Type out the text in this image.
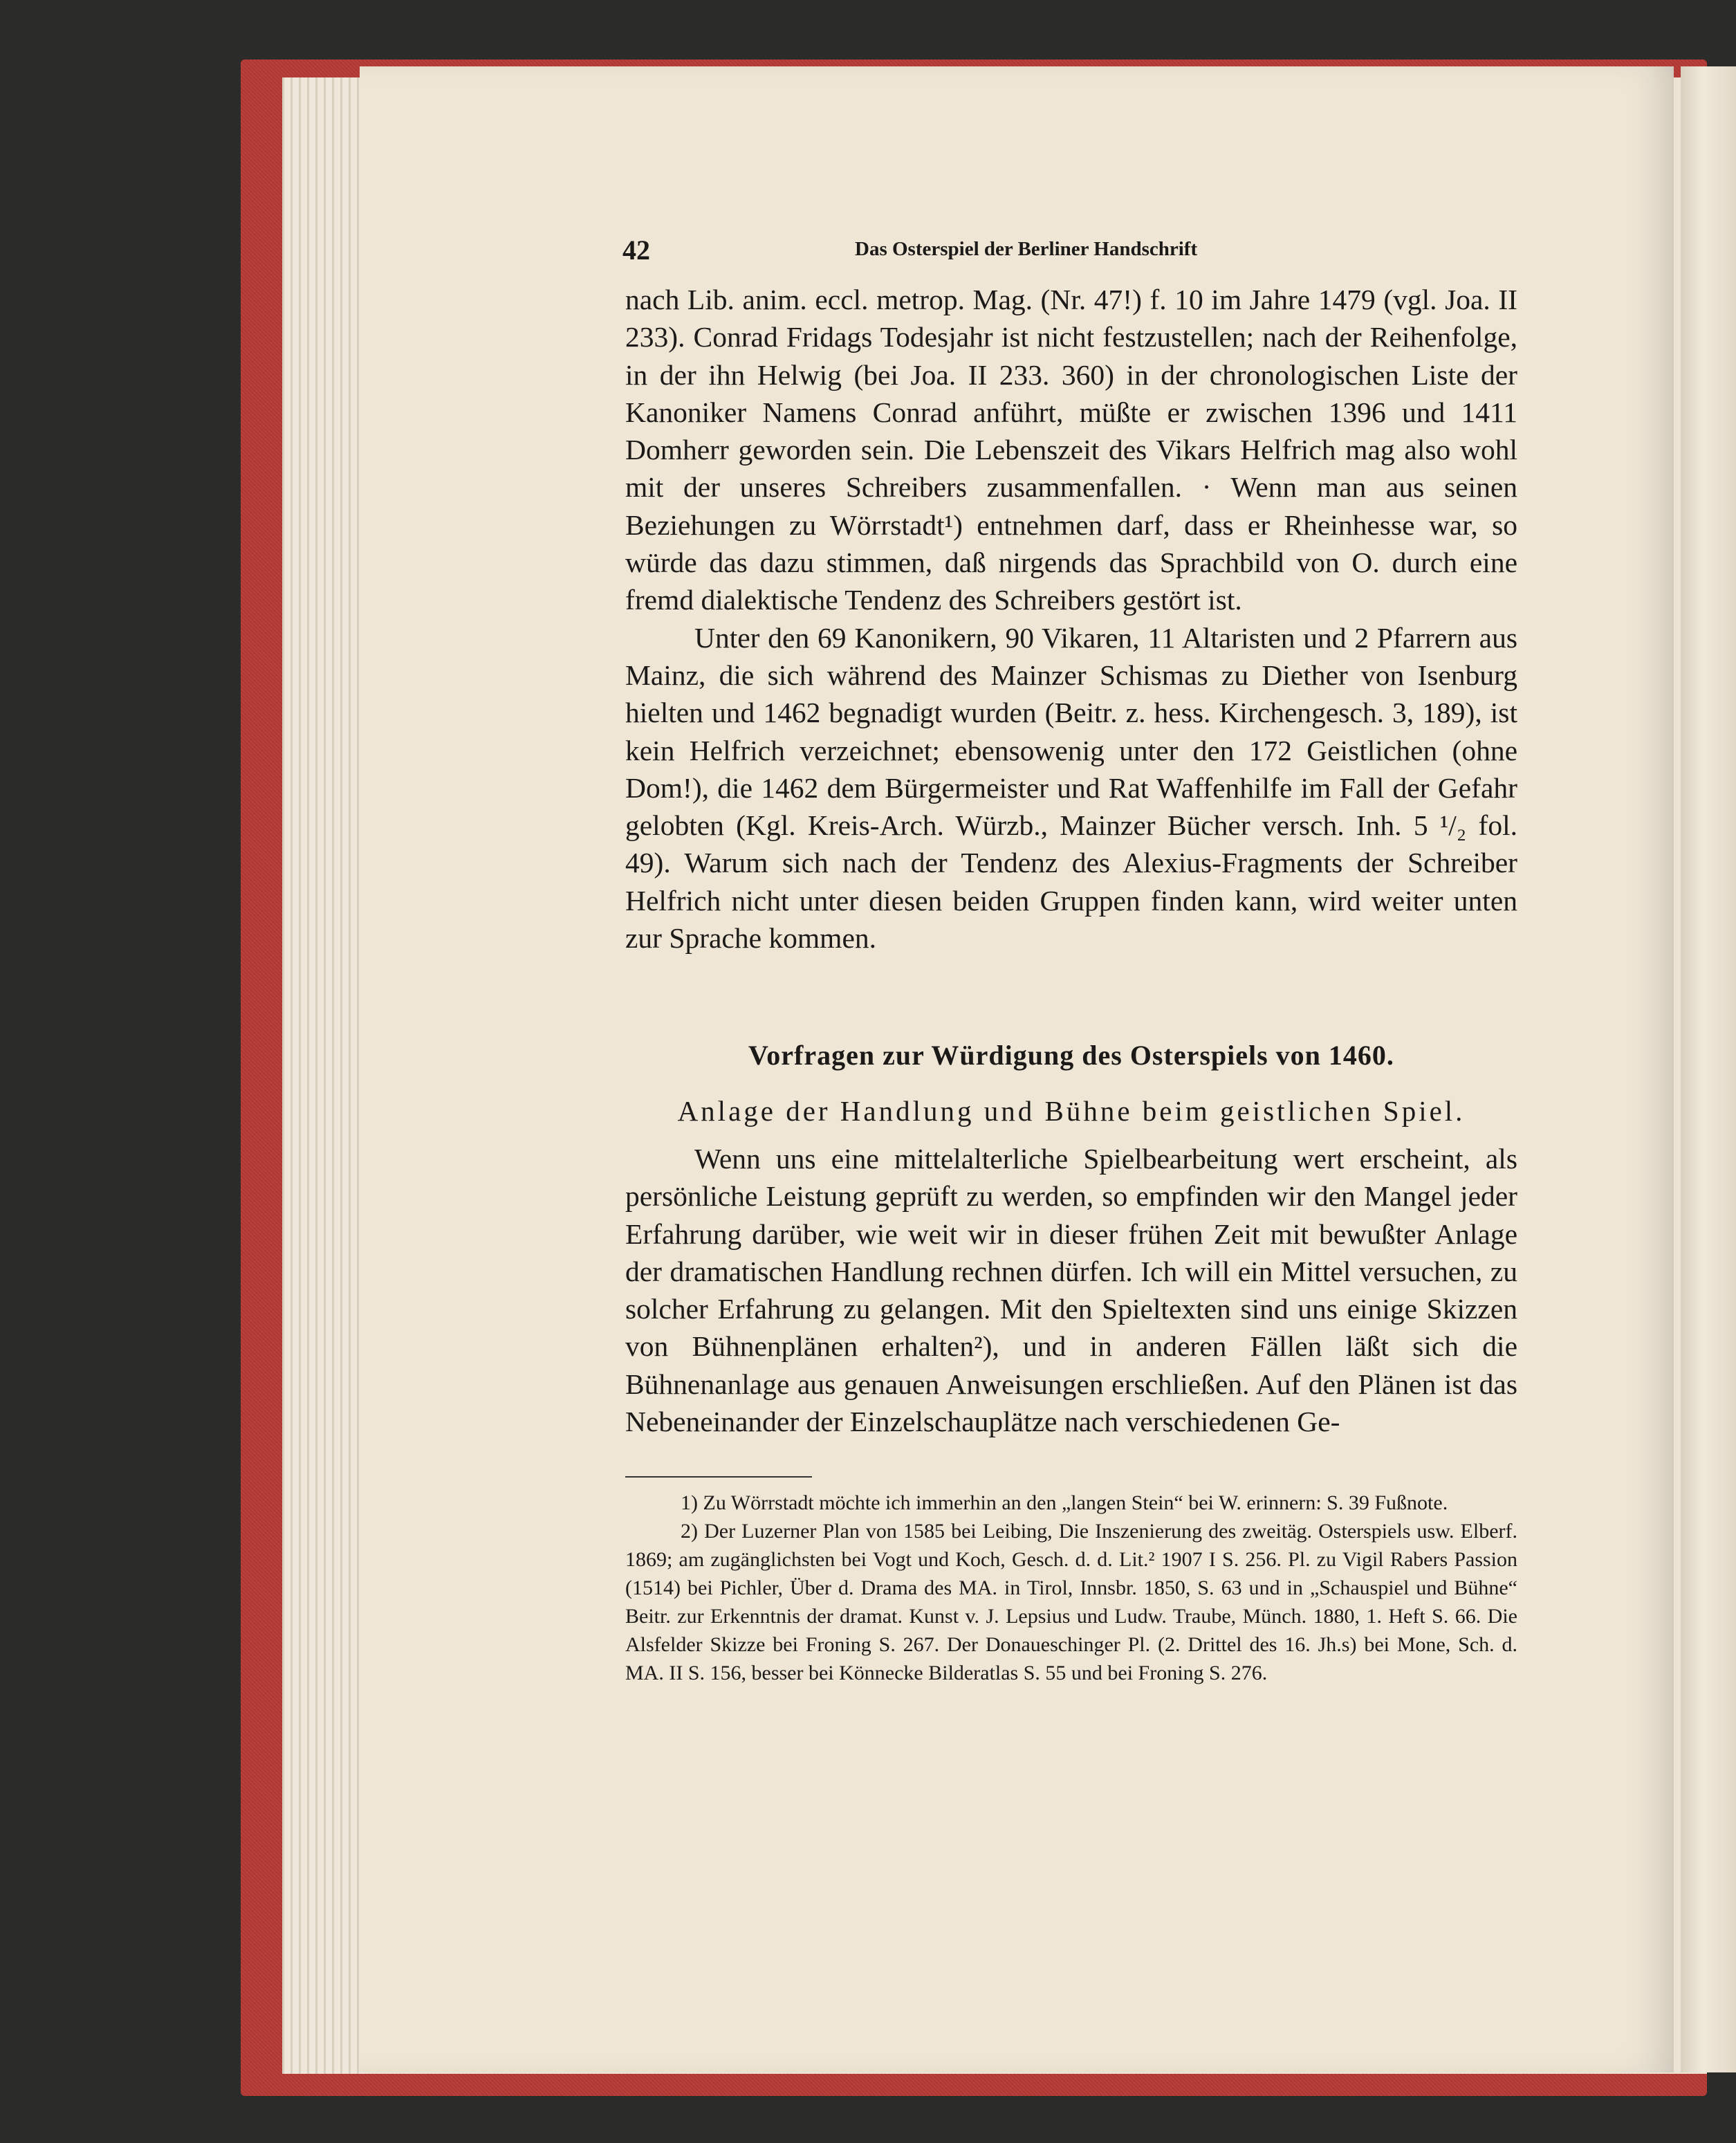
42	Das Osterspiel der Berliner Handschrift

nach Lib. anim. eccl. metrop. Mag. (Nr. 47!) f. 10 im Jahre 1479 (vgl. Joa. II 233). Conrad Fridags Todesjahr ist nicht festzustellen; nach der Reihenfolge, in der ihn Helwig (bei Joa. II 233. 360) in der chronologischen Liste der Kanoniker Namens Conrad anführt, müßte er zwischen 1396 und 1411 Domherr geworden sein. Die Lebenszeit des Vikars Helfrich mag also wohl mit der unseres Schreibers zusammenfallen. · Wenn man aus seinen Beziehungen zu Wörrstadt¹) entnehmen darf, dass er Rheinhesse war, so würde das dazu stimmen, daß nirgends das Sprachbild von O. durch eine fremd dialektische Tendenz des Schreibers gestört ist.

Unter den 69 Kanonikern, 90 Vikaren, 11 Altaristen und 2 Pfarrern aus Mainz, die sich während des Mainzer Schismas zu Diether von Isenburg hielten und 1462 begnadigt wurden (Beitr. z. hess. Kirchengesch. 3, 189), ist kein Helfrich verzeichnet; ebensowenig unter den 172 Geistlichen (ohne Dom!), die 1462 dem Bürgermeister und Rat Waffenhilfe im Fall der Gefahr gelobten (Kgl. Kreis-Arch. Würzb., Mainzer Bücher versch. Inh. 5 ¹/₂ fol. 49). Warum sich nach der Tendenz des Alexius-Fragments der Schreiber Helfrich nicht unter diesen beiden Gruppen finden kann, wird weiter unten zur Sprache kommen.

Vorfragen zur Würdigung des Osterspiels von 1460.
Anlage der Handlung und Bühne beim geistlichen Spiel.

Wenn uns eine mittelalterliche Spielbearbeitung wert erscheint, als persönliche Leistung geprüft zu werden, so empfinden wir den Mangel jeder Erfahrung darüber, wie weit wir in dieser frühen Zeit mit bewußter Anlage der dramatischen Handlung rechnen dürfen. Ich will ein Mittel versuchen, zu solcher Erfahrung zu gelangen. Mit den Spieltexten sind uns einige Skizzen von Bühnenplänen erhalten²), und in anderen Fällen läßt sich die Bühnenanlage aus genauen Anweisungen erschließen. Auf den Plänen ist das Nebeneinander der Einzelschauplätze nach verschiedenen Ge-

1) Zu Wörrstadt möchte ich immerhin an den „langen Stein“ bei W. erinnern: S. 39 Fußnote.

2) Der Luzerner Plan von 1585 bei Leibing, Die Inszenierung des zweitäg. Osterspiels usw. Elberf. 1869; am zugänglichsten bei Vogt und Koch, Gesch. d. d. Lit.² 1907 I S. 256. Pl. zu Vigil Rabers Passion (1514) bei Pichler, Über d. Drama des MA. in Tirol, Innsbr. 1850, S. 63 und in „Schauspiel und Bühne“ Beitr. zur Erkenntnis der dramat. Kunst v. J. Lepsius und Ludw. Traube, Münch. 1880, 1. Heft S. 66. Die Alsfelder Skizze bei Froning S. 267. Der Donaueschinger Pl. (2. Drittel des 16. Jh.s) bei Mone, Sch. d. MA. II S. 156, besser bei Könnecke Bilderatlas S. 55 und bei Froning S. 276.
